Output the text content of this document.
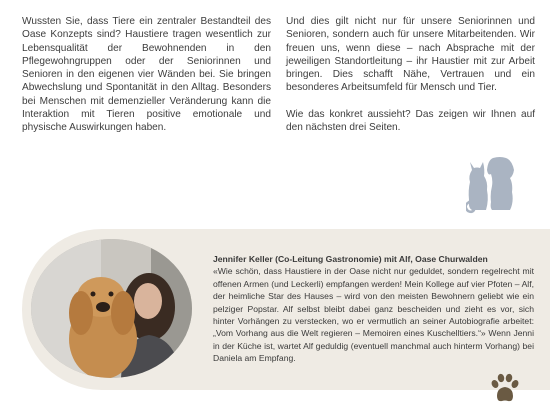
Wussten Sie, dass Tiere ein zentraler Bestandteil des Oase Konzepts sind? Haustiere tragen wesentlich zur Lebensqualität der Bewohnenden in den Pflegewohngruppen oder der Seniorinnen und Senioren in den eigenen vier Wänden bei. Sie bringen Abwechslung und Spontanität in den Alltag. Besonders bei Menschen mit demenzieller Veränderung kann die Interaktion mit Tieren positive emotionale und physische Auswirkungen haben.

Und dies gilt nicht nur für unsere Seniorinnen und Senioren, sondern auch für unsere Mitarbeitenden. Wir freuen uns, wenn diese – nach Absprache mit der jeweiligen Standortleitung – ihr Haustier mit zur Arbeit bringen. Dies schafft Nähe, Vertrauen und ein besonderes Arbeitsumfeld für Mensch und Tier.

Wie das konkret aussieht? Das zeigen wir Ihnen auf den nächsten drei Seiten.

Jennifer Keller (Co-Leitung Gastronomie) mit Alf, Oase Churwalden
«Wie schön, dass Haustiere in der Oase nicht nur geduldet, sondern regelrecht mit offenen Armen (und Leckerli) empfangen werden! Mein Kollege auf vier Pfoten – Alf, der heimliche Star des Hauses – wird von den meisten Bewohnern geliebt wie ein pelziger Popstar. Alf selbst bleibt dabei ganz bescheiden und zieht es vor, sich hinter Vorhängen zu verstecken, wo er vermutlich an seiner Autobiografie arbeitet: „Vom Vorhang aus die Welt regieren – Memoiren eines Kuschelltiers.“» Wenn Jenni in der Küche ist, wartet Alf geduldig (eventuell manchmal auch hinterm Vorhang) bei Daniela am Empfang.
